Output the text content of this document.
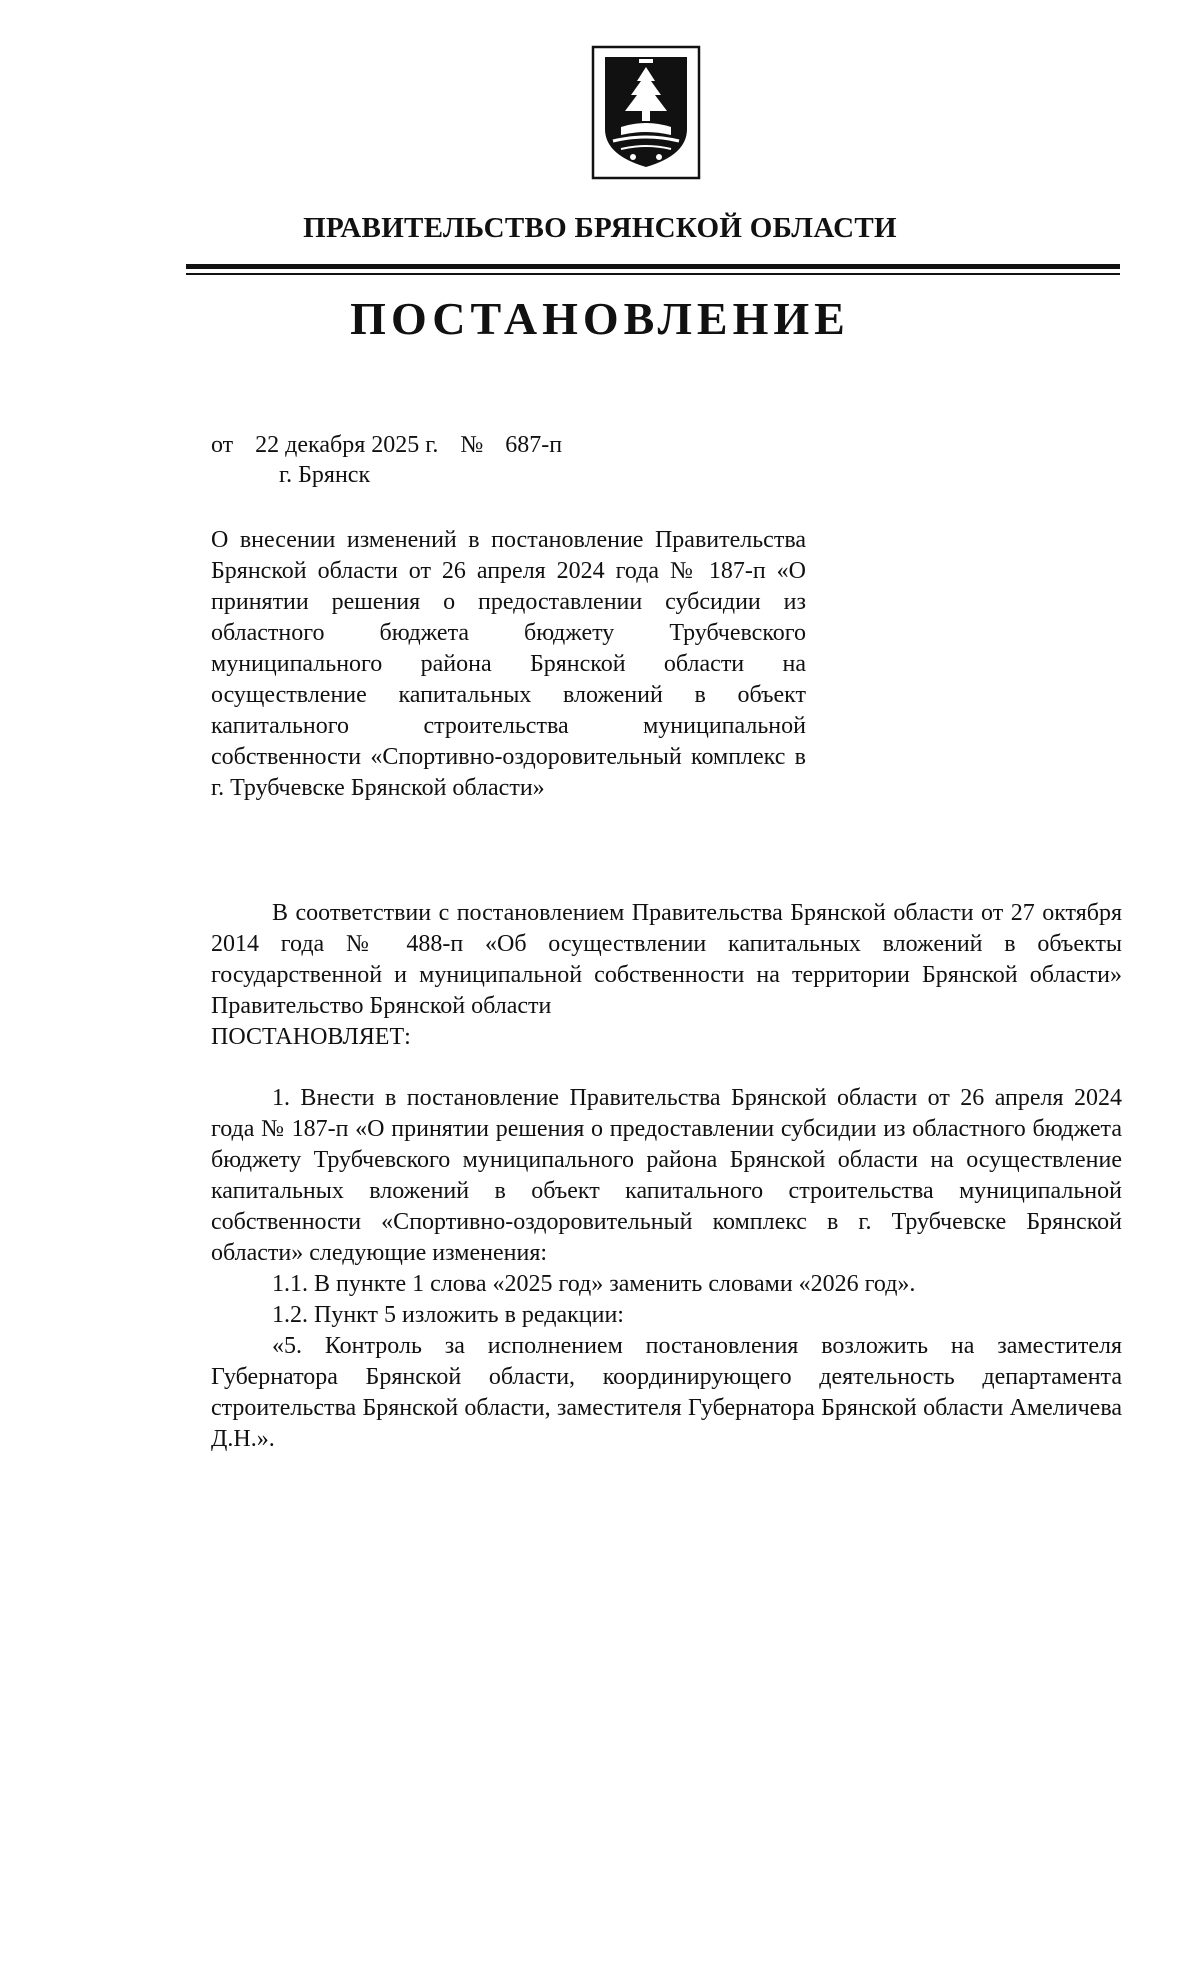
ПРАВИТЕЛЬСТВО БРЯНСКОЙ ОБЛАСТИ
ПОСТАНОВЛЕНИЕ
от 22 декабря 2025 г. № 687-п
г. Брянск
О внесении изменений в постановление Правительства Брянской области от 26 апреля 2024 года № 187-п «О принятии решения о предоставлении субсидии из областного бюджета бюджету Трубчевского муниципального района Брянской области на осуществление капитальных вложений в объект капитального строительства муниципальной собственности «Спортивно-оздоровительный комплекс в г. Трубчевске Брянской области»

В соответствии с постановлением Правительства Брянской области от 27 октября 2014 года № 488-п «Об осуществлении капитальных вложений в объекты государственной и муниципальной собственности на территории Брянской области» Правительство Брянской области

ПОСТАНОВЛЯЕТ:

1. Внести в постановление Правительства Брянской области от 26 апреля 2024 года № 187-п «О принятии решения о предоставлении субсидии из областного бюджета бюджету Трубчевского муниципального района Брянской области на осуществление капитальных вложений в объект капитального строительства муниципальной собственности «Спортивно-оздоровительный комплекс в г. Трубчевске Брянской области» следующие изменения:

1.1. В пункте 1 слова «2025 год» заменить словами «2026 год».

1.2. Пункт 5 изложить в редакции:

«5. Контроль за исполнением постановления возложить на заместителя Губернатора Брянской области, координирующего деятельность департамента строительства Брянской области, заместителя Губернатора Брянской области Амеличева Д.Н.».
